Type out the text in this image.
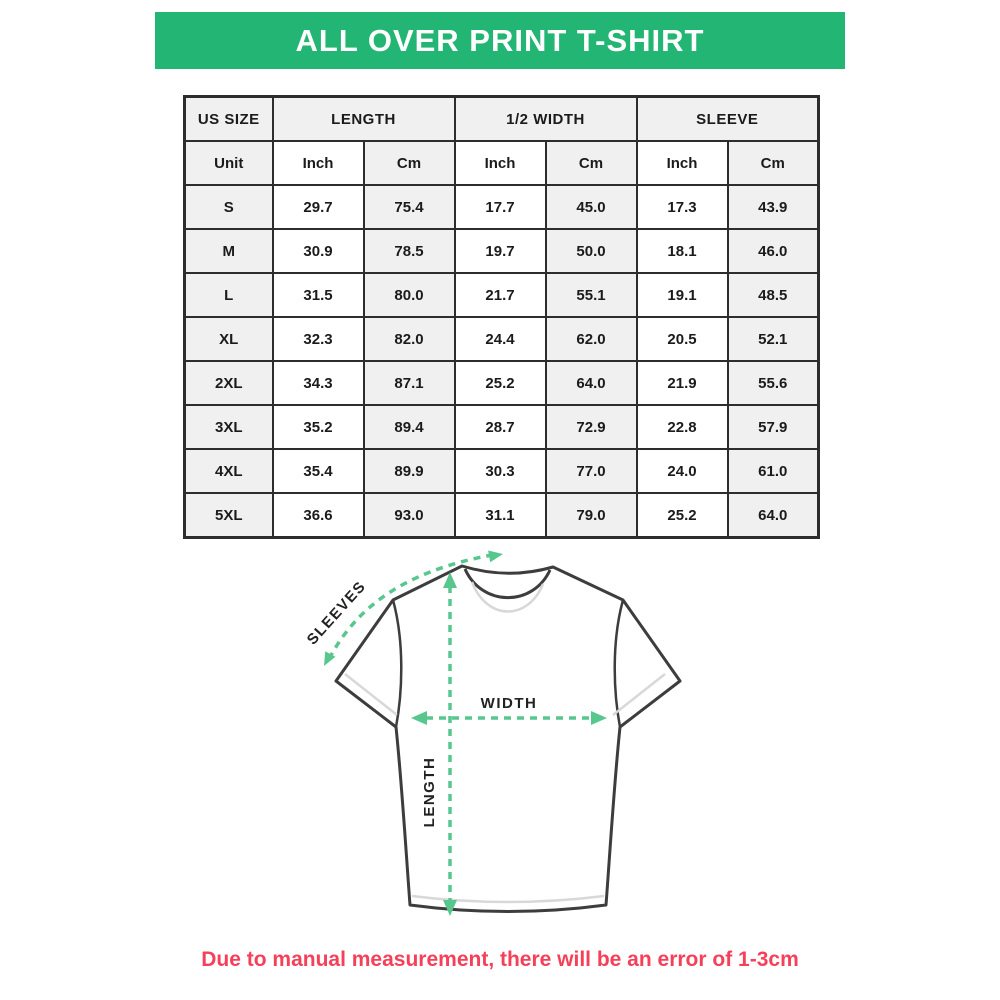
ALL OVER PRINT T-SHIRT
US SIZE	LENGTH		1/2 WIDTH		SLEEVE	
Unit	Inch	Cm	Inch	Cm	Inch	Cm
S	29.7	75.4	17.7	45.0	17.3	43.9
M	30.9	78.5	19.7	50.0	18.1	46.0
L	31.5	80.0	21.7	55.1	19.1	48.5
XL	32.3	82.0	24.4	62.0	20.5	52.1
2XL	34.3	87.1	25.2	64.0	21.9	55.6
3XL	35.2	89.4	28.7	72.9	22.8	57.9
4XL	35.4	89.9	30.3	77.0	24.0	61.0
5XL	36.6	93.0	31.1	79.0	25.2	64.0
WIDTH
LENGTH
SLEEVES
Due to manual measurement, there will be an error of 1-3cm
